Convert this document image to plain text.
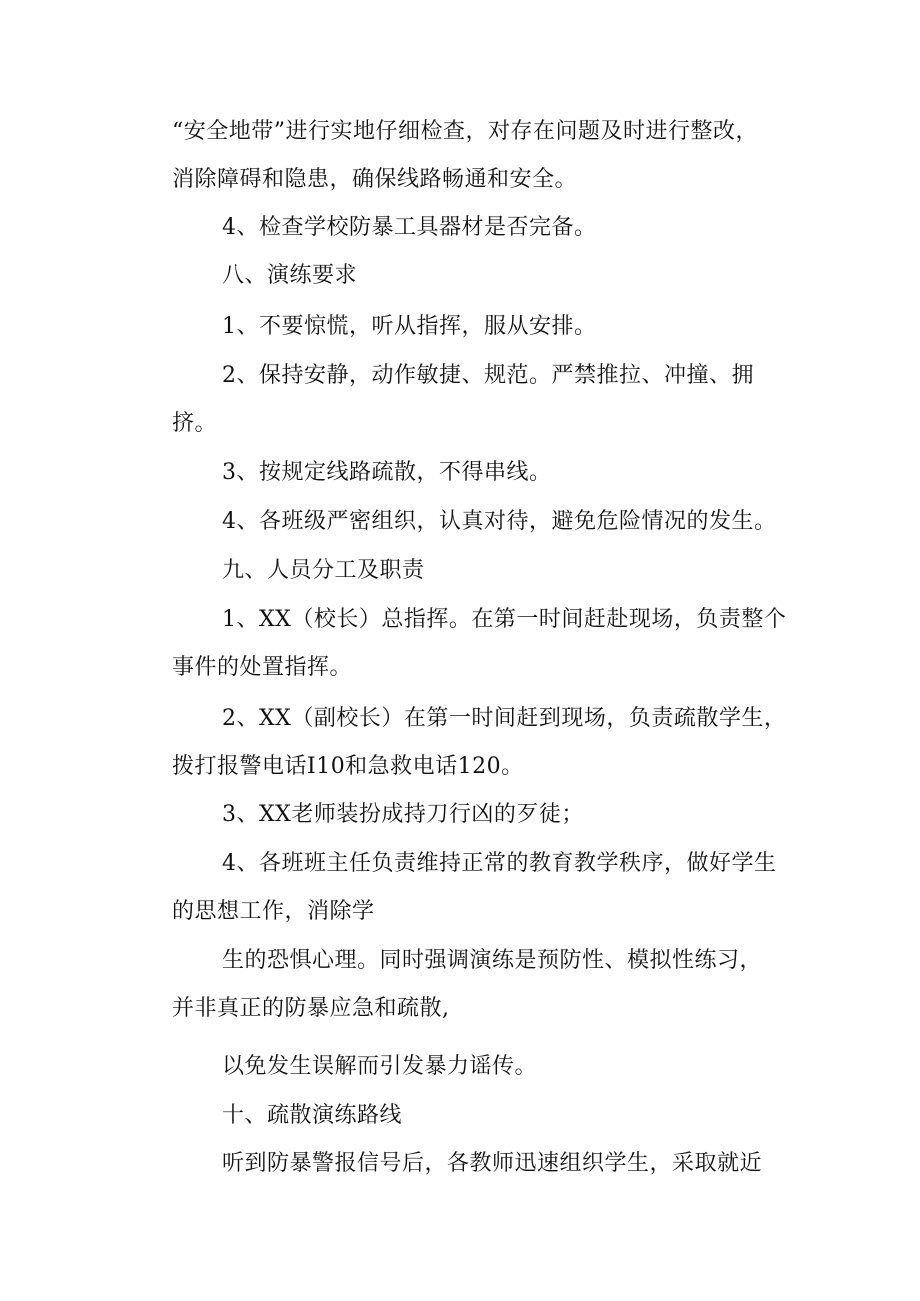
“安全地带”进行实地仔细检查，对存在问题及时进行整改，
消除障碍和隐患，确保线路畅通和安全。
4、检查学校防暴工具器材是否完备。
八、演练要求
1、不要惊慌，听从指挥，服从安排。
2、保持安静，动作敏捷、规范。严禁推拉、冲撞、拥
挤。
3、按规定线路疏散，不得串线。
4、各班级严密组织，认真对待，避免危险情况的发生。
九、人员分工及职责
1、XX（校长）总指挥。在第一时间赶赴现场，负责整个
事件的处置指挥。
2、XX（副校长）在第一时间赶到现场，负责疏散学生，
拨打报警电话I10和急救电话120。
3、XX老师装扮成持刀行凶的歹徒；
4、各班班主任负责维持正常的教育教学秩序，做好学生
的思想工作，消除学
生的恐惧心理。同时强调演练是预防性、模拟性练习，
并非真正的防暴应急和疏散,
以免发生误解而引发暴力谣传。
十、疏散演练路线
听到防暴警报信号后，各教师迅速组织学生，采取就近
